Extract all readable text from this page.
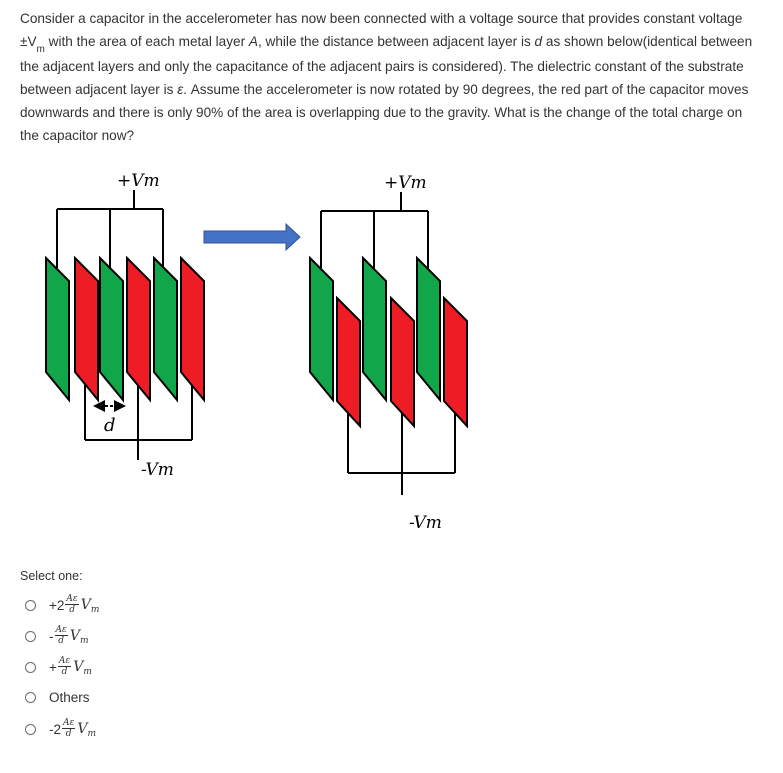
Consider a capacitor in the accelerometer has now been connected with a voltage source that provides constant voltage $\pm V_m$ with the area of each metal layer A, while the distance between adjacent layer is d as shown below(identical between the adjacent layers and only the capacitance of the adjacent pairs is considered). The dielectric constant of the substrate between adjacent layer is ε. Assume the accelerometer is now rotated by 90 degrees, the red part of the capacitor moves downwards and there is only 90% of the area is overlapping due to the gravity. What is the change of the total charge on the capacitor now?
d
+Vm
-Vm
+Vm
-Vm
Select one:
$+2 \frac{A\varepsilon}{d} V_m$
- $\frac{A\varepsilon}{d} V_m$
+ $\frac{A\varepsilon}{d} V_m$
Others
$-2 \frac{A\varepsilon}{d} V_m$
